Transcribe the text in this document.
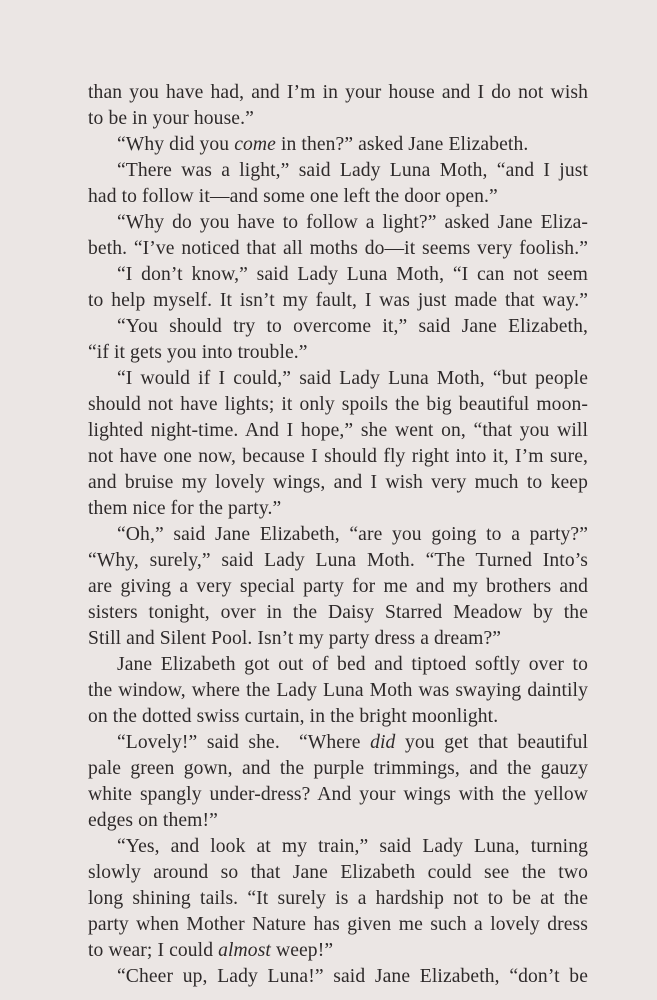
than you have had, and I’m in your house and I do not wish
to be in your house.”
“Why did you come in then?” asked Jane Elizabeth.
“There was a light,” said Lady Luna Moth, “and I just
had to follow it—and some one left the door open.”
“Why do you have to follow a light?” asked Jane Eliza-
beth. “I’ve noticed that all moths do—it seems very foolish.”
“I don’t know,” said Lady Luna Moth, “I can not seem
to help myself. It isn’t my fault, I was just made that way.”
“You should try to overcome it,” said Jane Elizabeth,
“if it gets you into trouble.”
“I would if I could,” said Lady Luna Moth, “but people
should not have lights; it only spoils the big beautiful moon-
lighted night-time. And I hope,” she went on, “that you will
not have one now, because I should fly right into it, I’m sure,
and bruise my lovely wings, and I wish very much to keep
them nice for the party.”
“Oh,” said Jane Elizabeth, “are you going to a party?”
“Why, surely,” said Lady Luna Moth. “The Turned Into’s
are giving a very special party for me and my brothers and
sisters tonight, over in the Daisy Starred Meadow by the
Still and Silent Pool. Isn’t my party dress a dream?”
Jane Elizabeth got out of bed and tiptoed softly over to
the window, where the Lady Luna Moth was swaying daintily
on the dotted swiss curtain, in the bright moonlight.
“Lovely!” said she.  “Where did you get that beautiful
pale green gown, and the purple trimmings, and the gauzy
white spangly under-dress? And your wings with the yellow
edges on them!”
“Yes, and look at my train,” said Lady Luna, turning
slowly around so that Jane Elizabeth could see the two
long shining tails. “It surely is a hardship not to be at the
party when Mother Nature has given me such a lovely dress
to wear; I could almost weep!”
“Cheer up, Lady Luna!” said Jane Elizabeth, “don’t be
